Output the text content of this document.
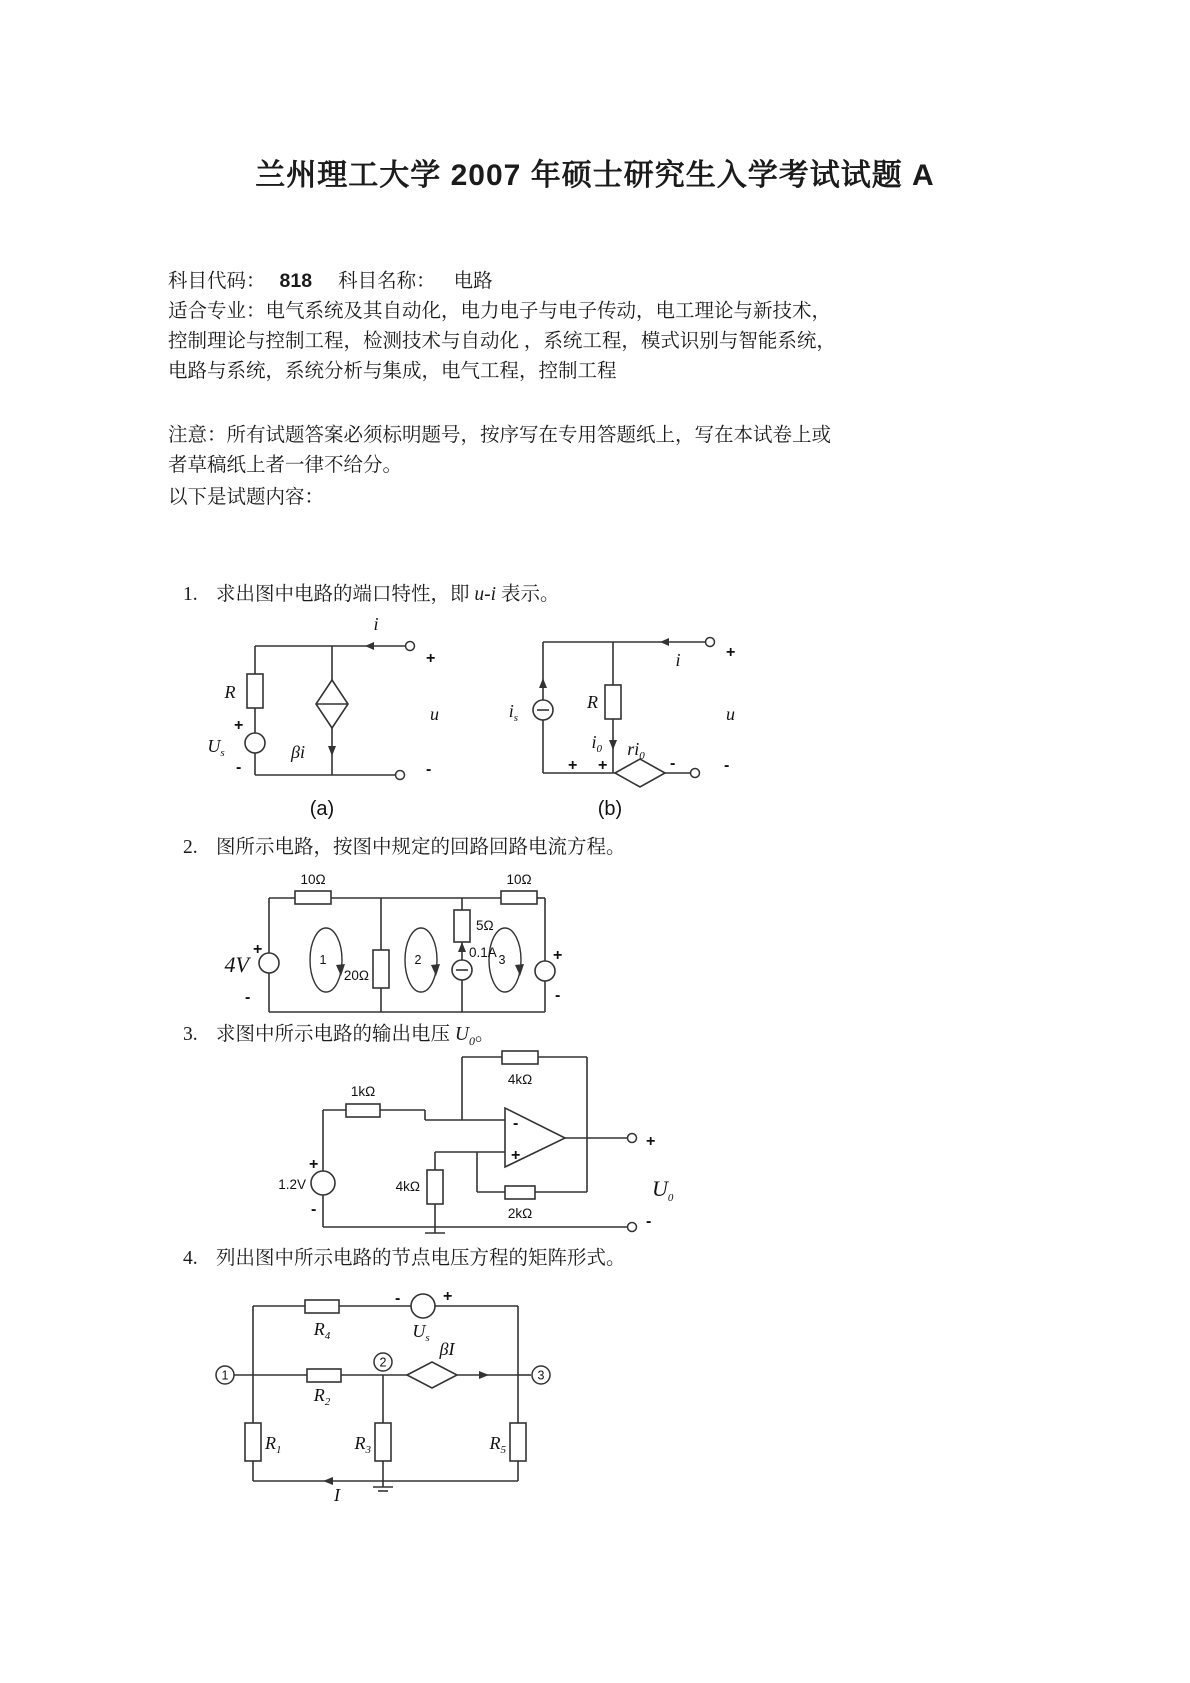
兰州理工大学 2007 年硕士研究生入学考试试题 A
科目代码： 818 科目名称： 电路
适合专业：电气系统及其自动化，电力电子与电子传动，电工理论与新技术，
控制理论与控制工程，检测技术与自动化 ，系统工程，模式识别与智能系统，
电路与系统，系统分析与集成，电气工程，控制工程
注意：所有试题答案必须标明题号，按序写在专用答题纸上，写在本试卷上或
者草稿纸上者一律不给分。
以下是试题内容：
1. 求出图中电路的端口特性，即 u-i 表示。
i
+
u
-
R
+
$U_s$
-
βi
(a)
i	+
u
-
$i_s$
R
$i_0$ $ri_0$
+ +	-
(b)
2. 图所示电路，按图中规定的回路回路电流方程。
10Ω	10Ω
20Ω
5Ω
0.1A
4V
+
-
+
-
1	2	3
3. 求图中所示电路的输出电压 $U_0$。
4kΩ
1kΩ
4kΩ
2kΩ
-
+
+
1.2V
-
+
-
$U_0$
4. 列出图中所示电路的节点电压方程的矩阵形式。
1
2
3
$R_4$
-	+
$U_s$
$R_2$
βI
$R_1$	$R_3$	$R_5$
I
